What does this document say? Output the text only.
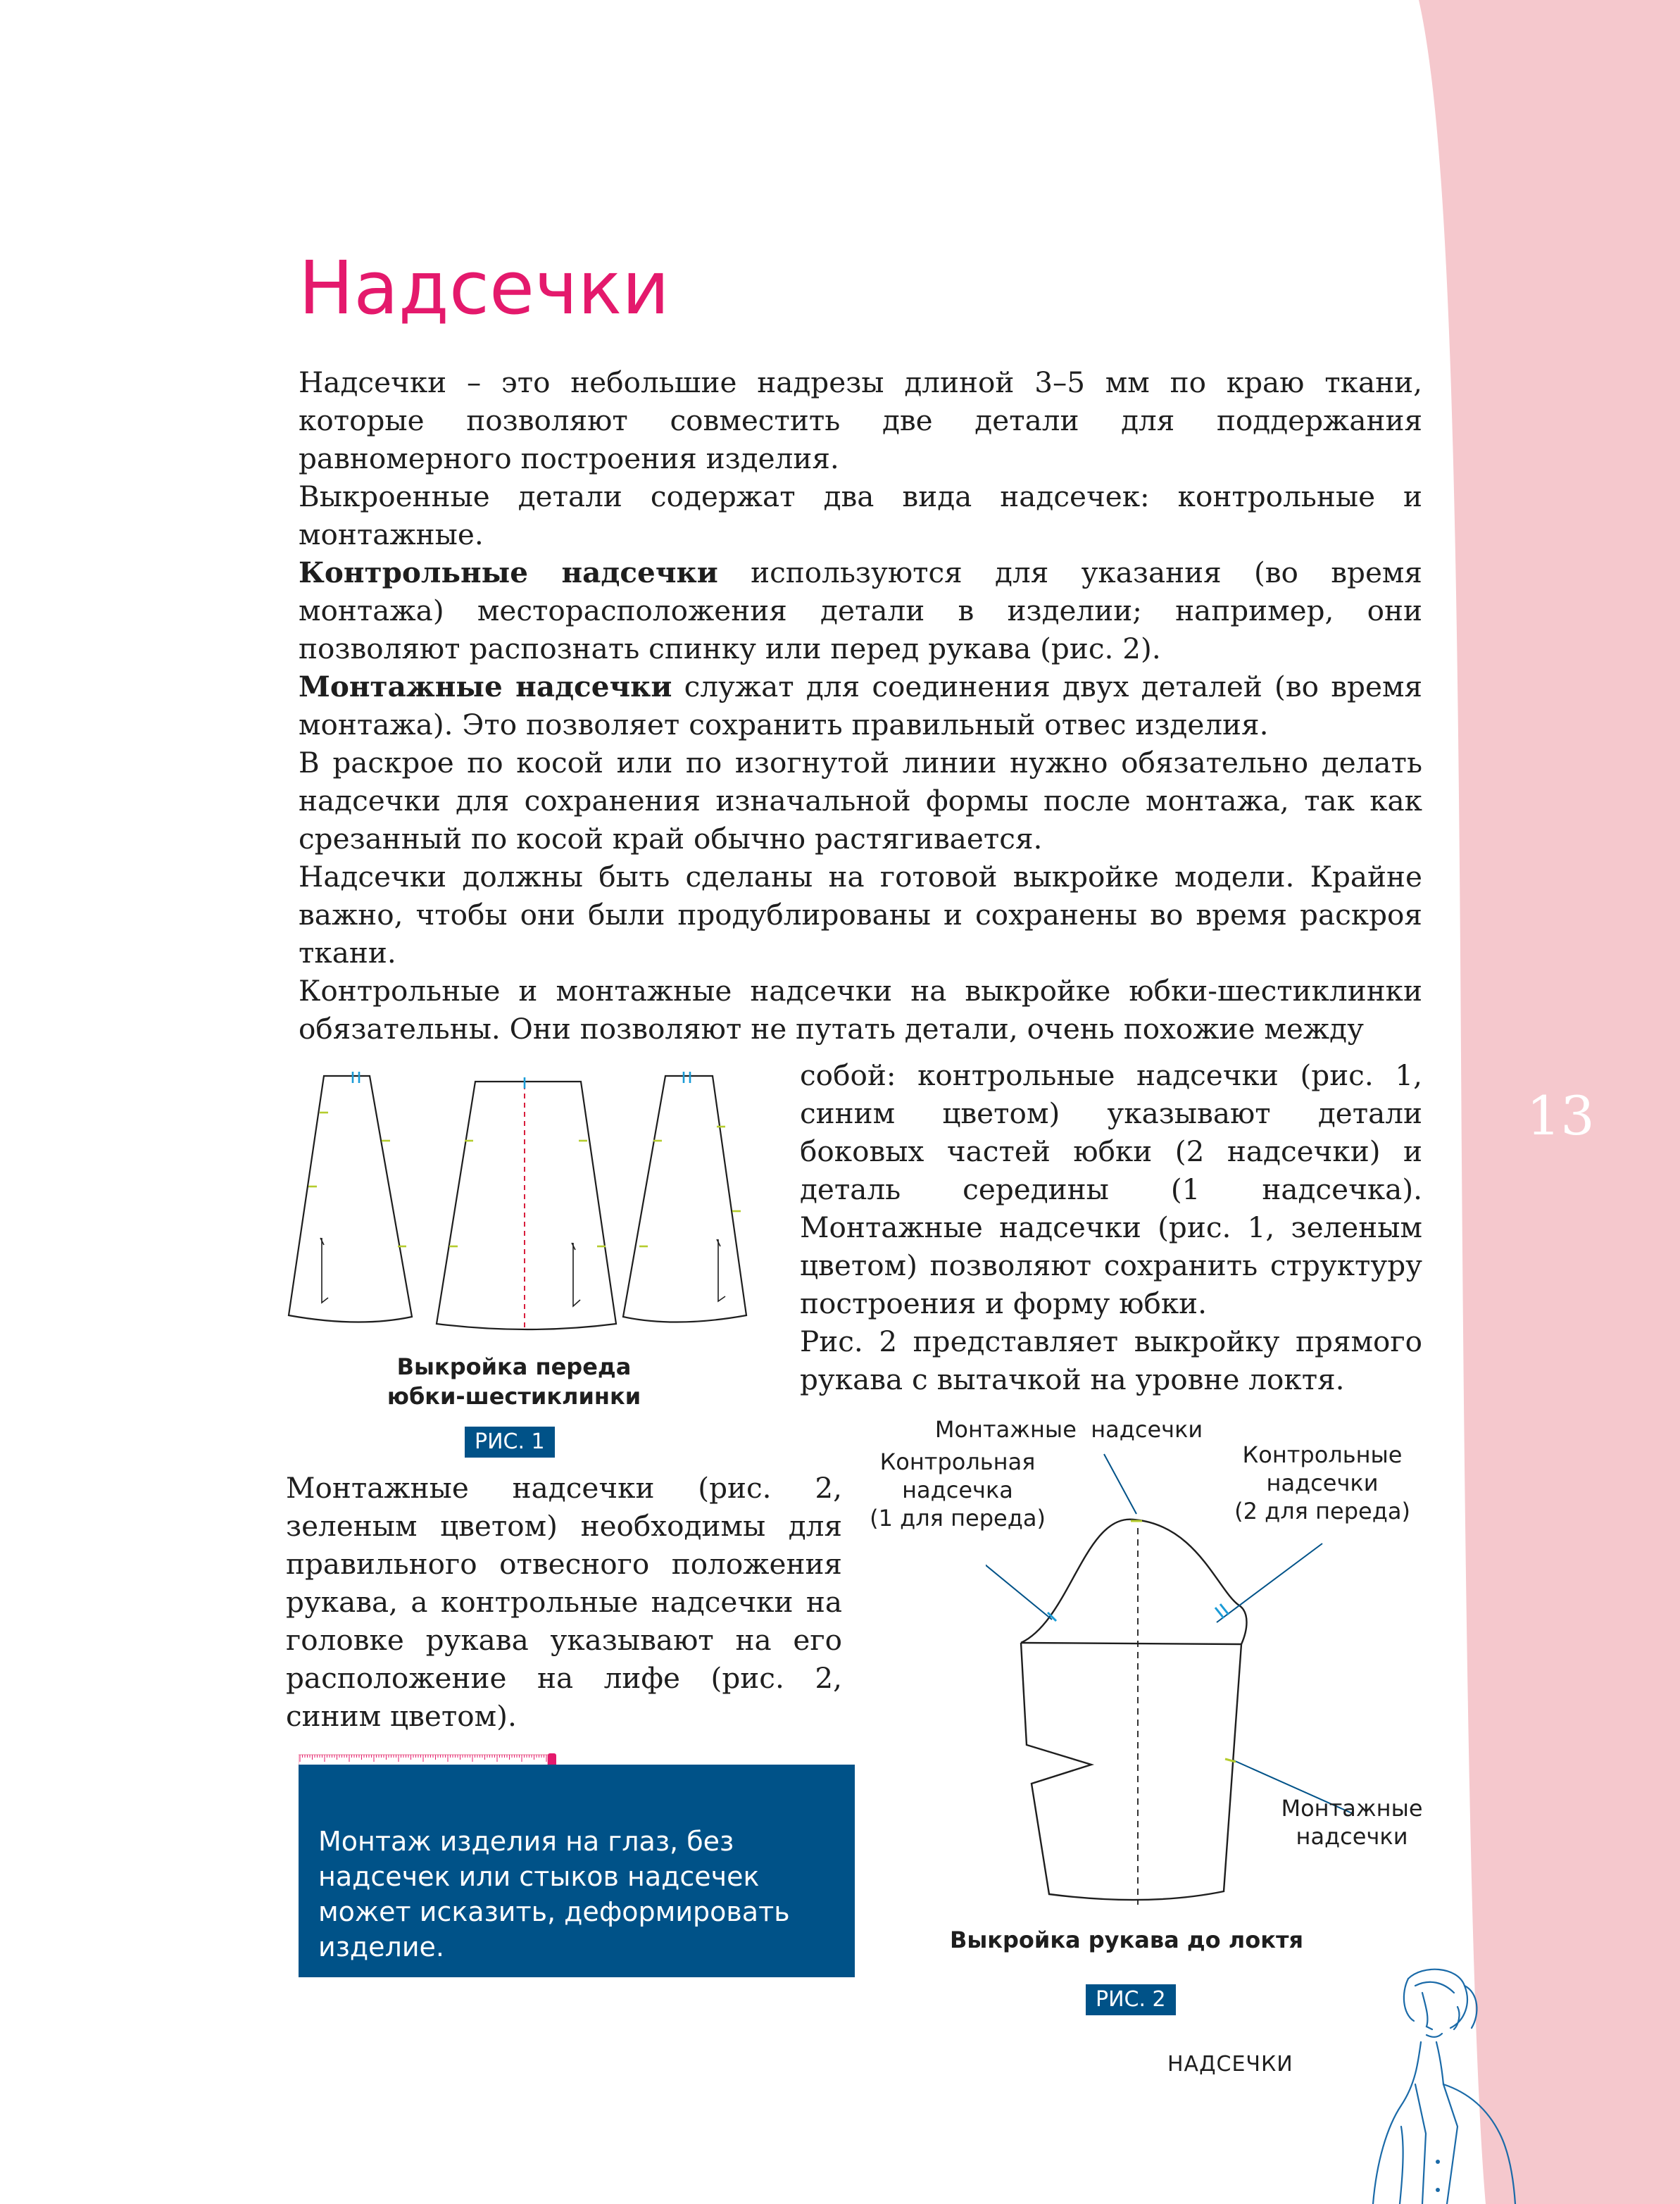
Надсечки

Надсечки – это небольшие надрезы длиной 3–5 мм по краю ткани, которые позволяют совместить две детали для поддержания равномерного построения изделия.

Выкроенные детали содержат два вида надсечек: контрольные и монтажные.

Контрольные надсечки используются для указания (во время монтажа) месторасположения детали в изделии; например, они позволяют распознать спинку или перед рукава (рис. 2).

Монтажные надсечки служат для соединения двух деталей (во время монтажа). Это позволяет сохранить правильный отвес изделия.

В раскрое по косой или по изогнутой линии нужно обязательно делать надсечки для сохранения изначальной формы после монтажа, так как срезанный по косой край обычно растягивается.

Надсечки должны быть сделаны на готовой выкройке модели. Крайне важно, чтобы они были продублированы и сохранены во время раскроя ткани.

Контрольные и монтажные надсечки на выкройке юбки-шестиклинки обязательны. Они позволяют не путать детали, очень похожие между

Выкройка переда
юбки-шестиклинки
РИС. 1

собой: контрольные надсечки (рис. 1, синим цветом) указывают детали боковых частей юбки (2 надсечки) и деталь середины (1 надсечка). Монтажные надсечки (рис. 1, зеленым цветом) позволяют сохранить структуру построения и форму юбки.

Рис. 2 представляет выкройку прямого рукава с вытачкой на уровне локтя.

Монтажные надсечки (рис. 2, зеленым цветом) необходимы для правильного отвесного положения рукава, а контрольные надсечки на головке рукава указывают на его расположение на лифе (рис. 2, синим цветом).

Монтажные  надсечки
Контрольная
надсечка
(1 для переда)
Контрольные
надсечки
(2 для переда)
Монтажные
надсечки
Выкройка рукава до локтя
РИС. 2
Монтаж изделия на глаз, без надсечек или стыков надсечек может исказить, деформировать изделие.
13
НАДСЕЧКИ
